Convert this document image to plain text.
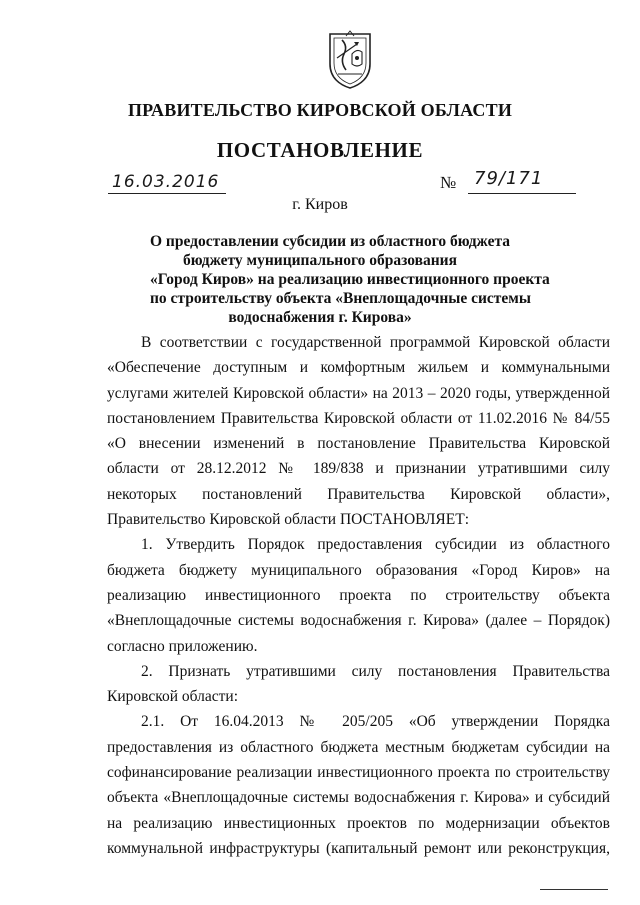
ПРАВИТЕЛЬСТВО КИРОВСКОЙ ОБЛАСТИ
ПОСТАНОВЛЕНИЕ
16.03.2016	№ 79/171
г. Киров
О предоставлении субсидии из областного бюджета
бюджету муниципального образования
«Город Киров» на реализацию инвестиционного проекта
по строительству объекта «Внеплощадочные системы
водоснабжения г. Кирова»

В соответствии с государственной программой Кировской области «Обеспечение доступным и комфортным жильем и коммунальными услугами жителей Кировской области» на 2013 – 2020 годы, утвержденной постановлением Правительства Кировской области от 11.02.2016 № 84/55 «О внесении изменений в постановление Правительства Кировской области от 28.12.2012 № 189/838 и признании утратившими силу некоторых постановлений Правительства Кировской области», Правительство Кировской области ПОСТАНОВЛЯЕТ:

1. Утвердить Порядок предоставления субсидии из областного бюджета бюджету муниципального образования «Город Киров» на реализацию инвестиционного проекта по строительству объекта «Внеплощадочные системы водоснабжения г. Кирова» (далее – Порядок) согласно приложению.

2. Признать утратившими силу постановления Правительства Кировской области:

2.1. От 16.04.2013 № 205/205 «Об утверждении Порядка предоставления из областного бюджета местным бюджетам субсидии на софинансирование реализации инвестиционного проекта по строительству объекта «Внеплощадочные системы водоснабжения г. Кирова» и субсидий на реализацию инвестиционных проектов по модернизации объектов коммунальной инфраструктуры (капитальный ремонт или реконструкция,
